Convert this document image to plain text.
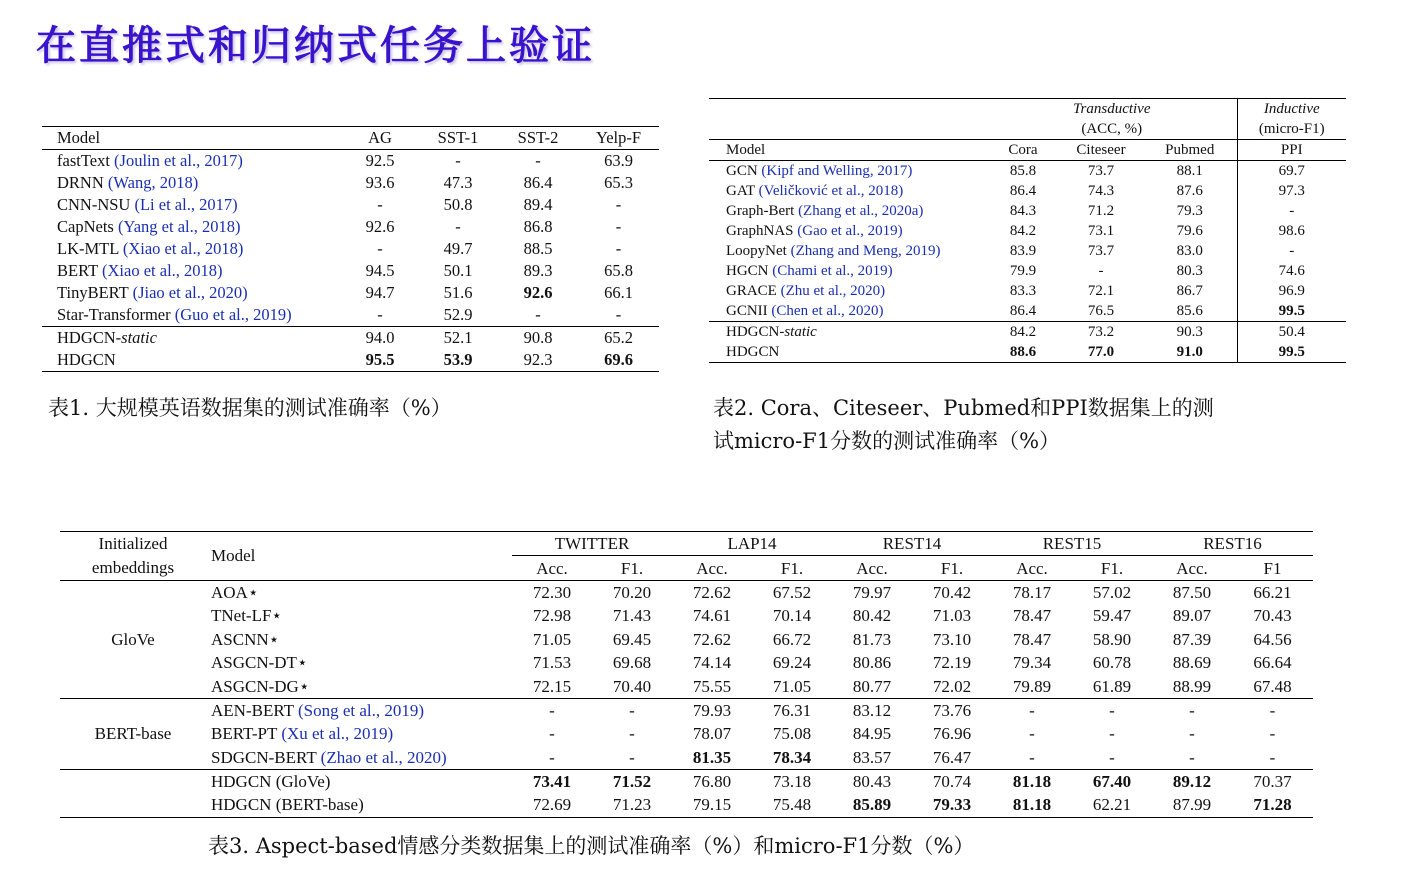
在直推式和归纳式任务上验证
Model	AG	SST-1	SST-2	Yelp-F
fastText (Joulin et al., 2017)	92.5	-	-	63.9
DRNN (Wang, 2018)	93.6	47.3	86.4	65.3
CNN-NSU (Li et al., 2017)	-	50.8	89.4	-
CapNets (Yang et al., 2018)	92.6	-	86.8	-
LK-MTL (Xiao et al., 2018)	-	49.7	88.5	-
BERT (Xiao et al., 2018)	94.5	50.1	89.3	65.8
TinyBERT (Jiao et al., 2020)	94.7	51.6	92.6	66.1
Star-Transformer (Guo et al., 2019)	-	52.9	-	-
HDGCN-static	94.0	52.1	90.8	65.2
HDGCN	95.5	53.9	92.3	69.6
表1. 大规模英语数据集的测试准确率（%）
	Transductive			Inductive
	(ACC, %)			(micro-F1)
Model	Cora	Citeseer	Pubmed	PPI
GCN (Kipf and Welling, 2017)	85.8	73.7	88.1	69.7
GAT (Veličković et al., 2018)	86.4	74.3	87.6	97.3
Graph-Bert (Zhang et al., 2020a)	84.3	71.2	79.3	-
GraphNAS (Gao et al., 2019)	84.2	73.1	79.6	98.6
LoopyNet (Zhang and Meng, 2019)	83.9	73.7	83.0	-
HGCN (Chami et al., 2019)	79.9	-	80.3	74.6
GRACE (Zhu et al., 2020)	83.3	72.1	86.7	96.9
GCNII (Chen et al., 2020)	86.4	76.5	85.6	99.5
HDGCN-static	84.2	73.2	90.3	50.4
HDGCN	88.6	77.0	91.0	99.5
表2. Cora、Citeseer、Pubmed和PPI数据集上的测
试micro-F1分数的测试准确率（%）
Initialized	Model	TWITTER		LAP14		REST14		REST15		REST16	
embeddings		Acc.	F1.	Acc.	F1.	Acc.	F1.	Acc.	F1.	Acc.	F1
GloVe	AOA⋆	72.30	70.20	72.62	67.52	79.97	70.42	78.17	57.02	87.50	66.21
	TNet-LF⋆	72.98	71.43	74.61	70.14	80.42	71.03	78.47	59.47	89.07	70.43
	ASCNN⋆	71.05	69.45	72.62	66.72	81.73	73.10	78.47	58.90	87.39	64.56
	ASGCN-DT⋆	71.53	69.68	74.14	69.24	80.86	72.19	79.34	60.78	88.69	66.64
	ASGCN-DG⋆	72.15	70.40	75.55	71.05	80.77	72.02	79.89	61.89	88.99	67.48
BERT-base	AEN-BERT (Song et al., 2019)	-	-	79.93	76.31	83.12	73.76	-	-	-	-
	BERT-PT (Xu et al., 2019)	-	-	78.07	75.08	84.95	76.96	-	-	-	-
	SDGCN-BERT (Zhao et al., 2020)	-	-	81.35	78.34	83.57	76.47	-	-	-	-
	HDGCN (GloVe)	73.41	71.52	76.80	73.18	80.43	70.74	81.18	67.40	89.12	70.37
	HDGCN (BERT-base)	72.69	71.23	79.15	75.48	85.89	79.33	81.18	62.21	87.99	71.28
表3. Aspect-based情感分类数据集上的测试准确率（%）和micro-F1分数（%）
